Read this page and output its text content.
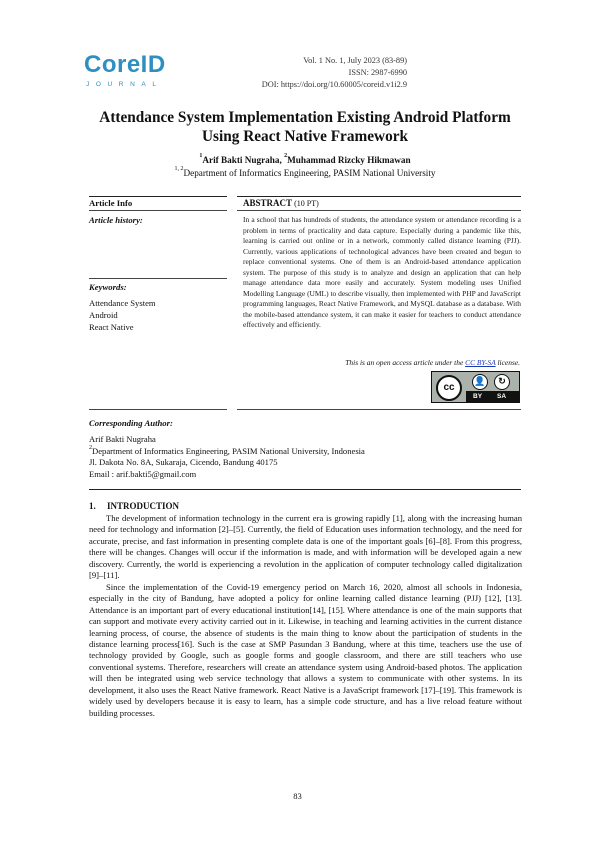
CoreID
JOURNAL
Vol. 1 No. 1, July 2023 (83-89)
ISSN: 2987-6990
DOI: https://doi.org/10.60005/coreid.v1i2.9
Attendance System Implementation Existing Android Platform
Using React Native Framework
$^1$Arif Bakti Nugraha, $^2$Muhammad Rizcky Hikmawan
$^{1, 2}$Department of Informatics Engineering, PASIM National University
Article Info	ABSTRACT (10 PT)
Article history:
Keywords:
Attendance System
Android
React Native
In a school that has hundreds of students, the attendance system or attendance recording is a problem in terms of practicality and data capture. Especially during a pandemic like this, learning is carried out online or in a network, commonly called distance learning (PJJ). Currently, various applications of technological advances have been created and begun to replace conventional systems. One of them is an Android-based attendance application system. The purpose of this study is to analyze and design an application that can help manage attendance data more easily and accurately. System modeling uses Unified Modelling Language (UML) to describe visually, then implemented with PHP and JavaScript programming languages, React Native Framework, and MySQL database as a database. With the mobile-based attendance system, it can make it easier for teachers to conduct attendance effectively and efficiently.
This is an open access article under the CC BY-SA license.
cc
👤	↻
BY SA
Corresponding Author:
Arif Bakti Nugraha
$^2$Department of Informatics Engineering, PASIM National University, Indonesia
Jl. Dakota No. 8A, Sukaraja, Cicendo, Bandung 40175
Email : arif.bakti5@gmail.com
1. INTRODUCTION

The development of information technology in the current era is growing rapidly [1], along with the increasing human need for technology and information [2]–[5]. Currently, the field of Education uses information technology, and the need for accurate, precise, and fast information in presenting complete data is one of the important goals [6]–[8]. From this progress, there will be changes. Changes will occur if the information is made, and with information will be developed again a new discovery. Currently, the world is experiencing a revolution in the application of computer technology called digitalization [9]–[11].

Since the implementation of the Covid-19 emergency period on March 16, 2020, almost all schools in Indonesia, especially in the city of Bandung, have adopted a policy for online learning called distance learning (PJJ) [12], [13]. Attendance is an important part of every educational institution[14], [15]. Where attendance is one of the main supports that can support and motivate every activity carried out in it. Likewise, in teaching and learning activities in the current distance learning process, of course, the absence of students is the main thing to know about the participation of students in the distance learning process[16]. Such is the case at SMP Pasundan 3 Bandung, where at this time, teachers use the use of technology provided by Google, such as google forms and google classroom, and there are still teachers who use conventional systems. Therefore, researchers will create an attendance system using Android-based photos. The application will then be integrated using web service technology that allows a system to communicate with other systems. In its development, it also uses the React Native framework. React Native is a JavaScript framework [17]–[19]. This framework is widely used by developers because it is easy to learn, has a simple code structure, and has a live reload feature without building processes.

83
